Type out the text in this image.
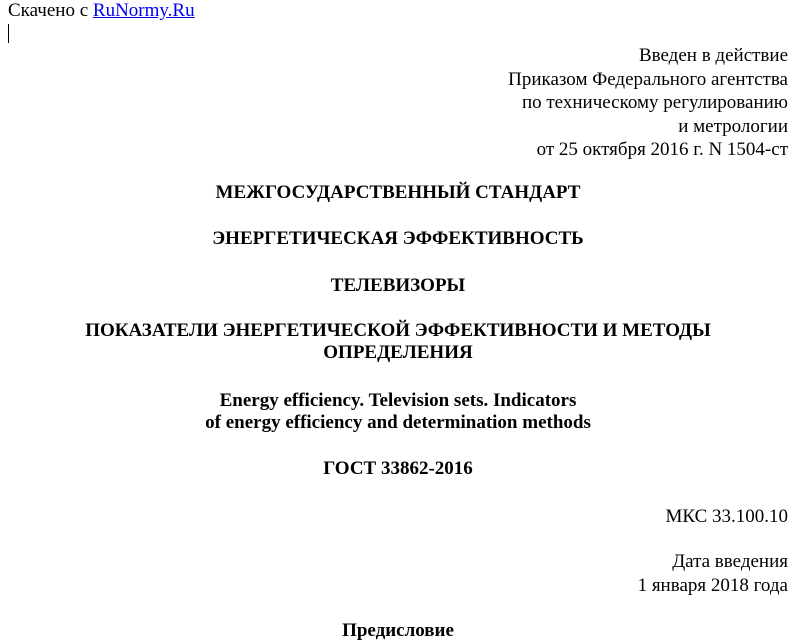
Скачено с RuNormy.Ru
Введен в действие
Приказом Федерального агентства
по техническому регулированию
и метрологии
от 25 октября 2016 г. N 1504-ст
МЕЖГОСУДАРСТВЕННЫЙ СТАНДАРТ
ЭНЕРГЕТИЧЕСКАЯ ЭФФЕКТИВНОСТЬ
ТЕЛЕВИЗОРЫ
ПОКАЗАТЕЛИ ЭНЕРГЕТИЧЕСКОЙ ЭФФЕКТИВНОСТИ И МЕТОДЫ
ОПРЕДЕЛЕНИЯ
Energy efficiency. Television sets. Indicators
of energy efficiency and determination methods
ГОСТ 33862-2016
МКС 33.100.10
Дата введения
1 января 2018 года
Предисловие
